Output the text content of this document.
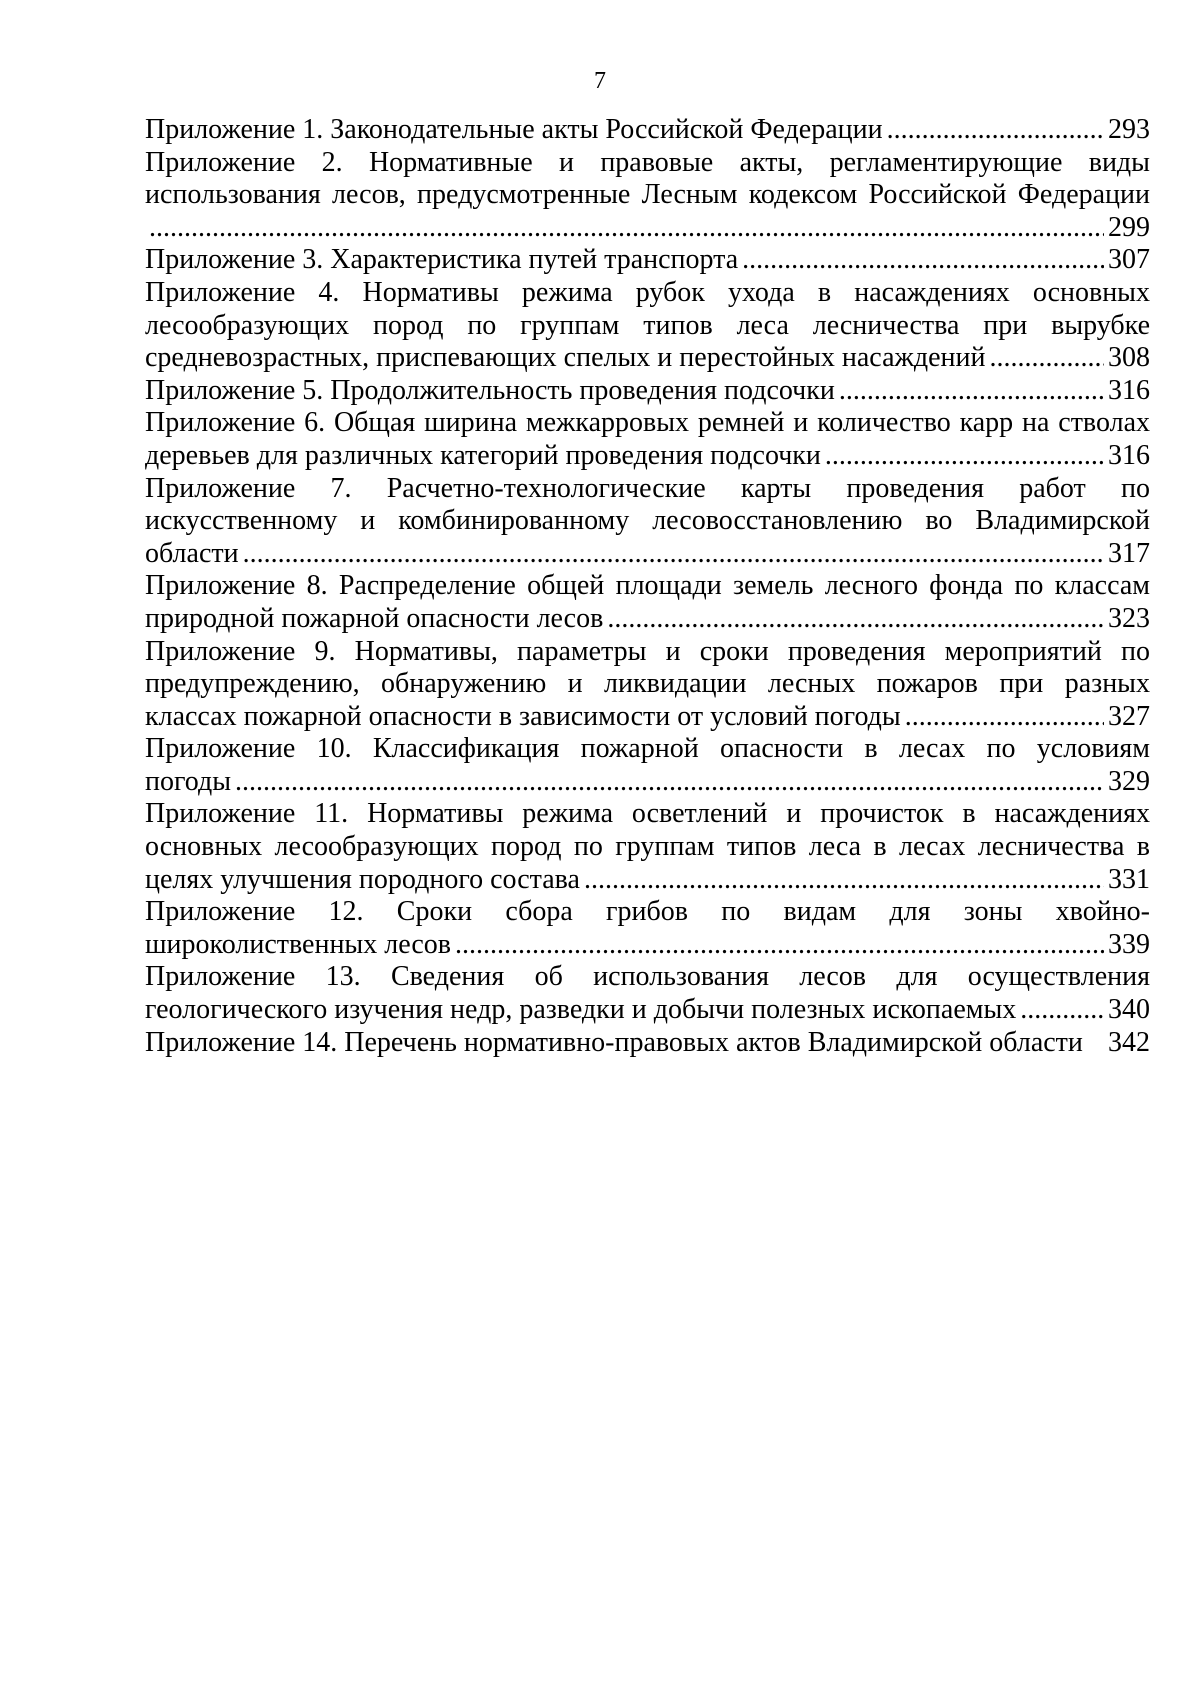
7
Приложение 1. Законодательные акты Российской Федерации .....	293
Приложение 2. Нормативные и правовые акты, регламентирующие виды
использования лесов, предусмотренные Лесным кодексом Российской Федерации
.....
299
Приложение 3. Характеристика путей транспорта .....	307
Приложение 4. Нормативы режима рубок ухода в насаждениях основных
лесообразующих пород по группам типов леса лесничества при вырубке
средневозрастных, приспевающих спелых и перестойных насаждений .....	308
Приложение 5. Продолжительность проведения подсочки .....	316
Приложение 6. Общая ширина межкарровых ремней и количество карр на стволах
деревьев для различных категорий проведения подсочки .....	316
Приложение 7. Расчетно-технологические карты проведения работ по
искусственному и комбинированному лесовосстановлению во Владимирской
области .....	317
Приложение 8. Распределение общей площади земель лесного фонда по классам
природной пожарной опасности лесов .....	323
Приложение 9. Нормативы, параметры и сроки проведения мероприятий по
предупреждению, обнаружению и ликвидации лесных пожаров при разных
классах пожарной опасности в зависимости от условий погоды .....	327
Приложение 10. Классификация пожарной опасности в лесах по условиям
погоды .....	329
Приложение 11. Нормативы режима осветлений и прочисток в насаждениях
основных лесообразующих пород по группам типов леса в лесах лесничества в
целях улучшения породного состава .....	331
Приложение 12. Сроки сбора грибов по видам для зоны хвойно-
широколиственных лесов .....	339
Приложение 13. Сведения об использования лесов для осуществления
геологического изучения недр, разведки и добычи полезных ископаемых .....	340
Приложение 14. Перечень нормативно-правовых актов Владимирской области 342
